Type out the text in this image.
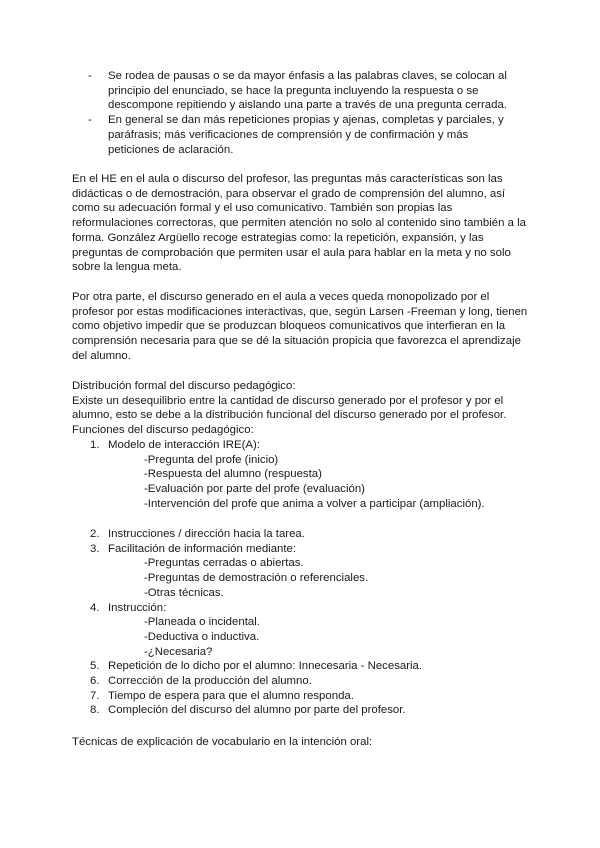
- Se rodea de pausas o se da mayor énfasis a las palabras claves, se colocan al principio del enunciado, se hace la pregunta incluyendo la respuesta o se descompone repitiendo y aislando una parte a través de una pregunta cerrada.

- En general se dan más repeticiones propias y ajenas, completas y parciales, y paráfrasis; más verificaciones de comprensión y de confirmación y más peticiones de aclaración.

En el HE en el aula o discurso del profesor, las preguntas más características son las didácticas o de demostración, para observar el grado de comprensión del alumno, así como su adecuación formal y el uso comunicativo. También son propias las reformulaciones correctoras, que permiten atención no solo al contenido sino también a la forma. González Argüello recoge estrategias como: la repetición, expansión, y las preguntas de comprobación que permiten usar el aula para hablar en la meta y no solo sobre la lengua meta.

Por otra parte, el discurso generado en el aula a veces queda monopolizado por el profesor por estas modificaciones interactivas, que, según Larsen -Freeman y long, tienen como objetivo impedir que se produzcan bloqueos comunicativos que interfieran en la comprensión necesaria para que se dé la situación propicia que favorezca el aprendizaje del alumno.

Distribución formal del discurso pedagógico:

Existe un desequilibrio entre la cantidad de discurso generado por el profesor y por el

alumno, esto se debe a la distribución funcional del discurso generado por el profesor.

Funciones del discurso pedagógico:

1. Modelo de interacción IRE(A):
-Pregunta del profe (inicio)
-Respuesta del alumno (respuesta)
-Evaluación por parte del profe (evaluación)
-Intervención del profe que anima a volver a participar (ampliación).
2. Instrucciones / dirección hacia la tarea.
3. Facilitación de información mediante:
-Preguntas cerradas o abiertas.
-Preguntas de demostración o referenciales.
-Otras técnicas.
4. Instrucción:
-Planeada o incidental.
-Deductiva o inductiva.
-¿Necesaria?
5. Repetición de lo dicho por el alumno: Innecesaria - Necesaria.
6. Corrección de la producción del alumno.
7. Tiempo de espera para que el alumno responda.
8. Compleción del discurso del alumno por parte del profesor.

Técnicas de explicación de vocabulario en la intención oral:
